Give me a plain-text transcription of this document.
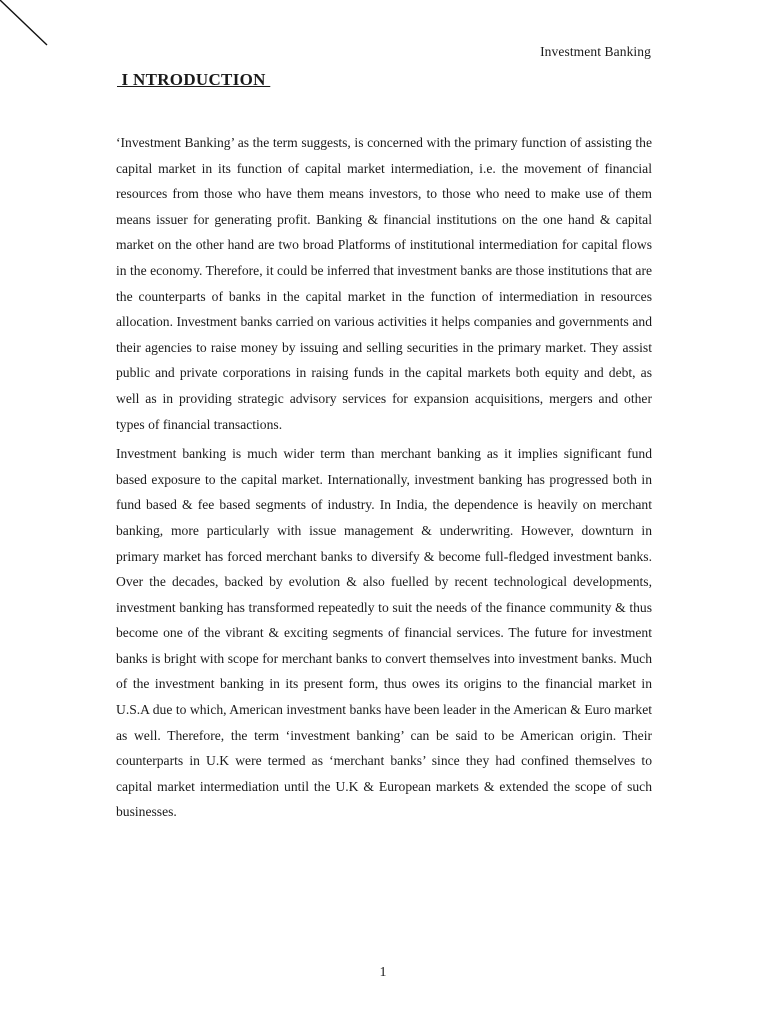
Investment Banking
I NTRODUCTION

‘Investment Banking’ as the term suggests, is concerned with the primary function of assisting the capital market in its function of capital market intermediation, i.e. the movement of financial resources from those who have them means investors, to those who need to make use of them means issuer for generating profit. Banking & financial institutions on the one hand & capital market on the other hand are two broad Platforms of institutional intermediation for capital flows in the economy. Therefore, it could be inferred that investment banks are those institutions that are the counterparts of banks in the capital market in the function of intermediation in resources allocation. Investment banks carried on various activities it helps companies and governments and their agencies to raise money by issuing and selling securities in the primary market. They assist public and private corporations in raising funds in the capital markets both equity and debt, as well as in providing strategic advisory services for expansion acquisitions, mergers and other types of financial transactions.

Investment banking is much wider term than merchant banking as it implies significant fund based exposure to the capital market. Internationally, investment banking has progressed both in fund based & fee based segments of industry. In India, the dependence is heavily on merchant banking, more particularly with issue management & underwriting. However, downturn in primary market has forced merchant banks to diversify & become full-fledged investment banks. Over the decades, backed by evolution & also fuelled by recent technological developments, investment banking has transformed repeatedly to suit the needs of the finance community & thus become one of the vibrant & exciting segments of financial services. The future for investment banks is bright with scope for merchant banks to convert themselves into investment banks. Much of the investment banking in its present form, thus owes its origins to the financial market in U.S.A due to which, American investment banks have been leader in the American & Euro market as well. Therefore, the term ‘investment banking’ can be said to be American origin. Their counterparts in U.K were termed as ‘merchant banks’ since they had confined themselves to capital market intermediation until the U.K & European markets & extended the scope of such businesses.

1
